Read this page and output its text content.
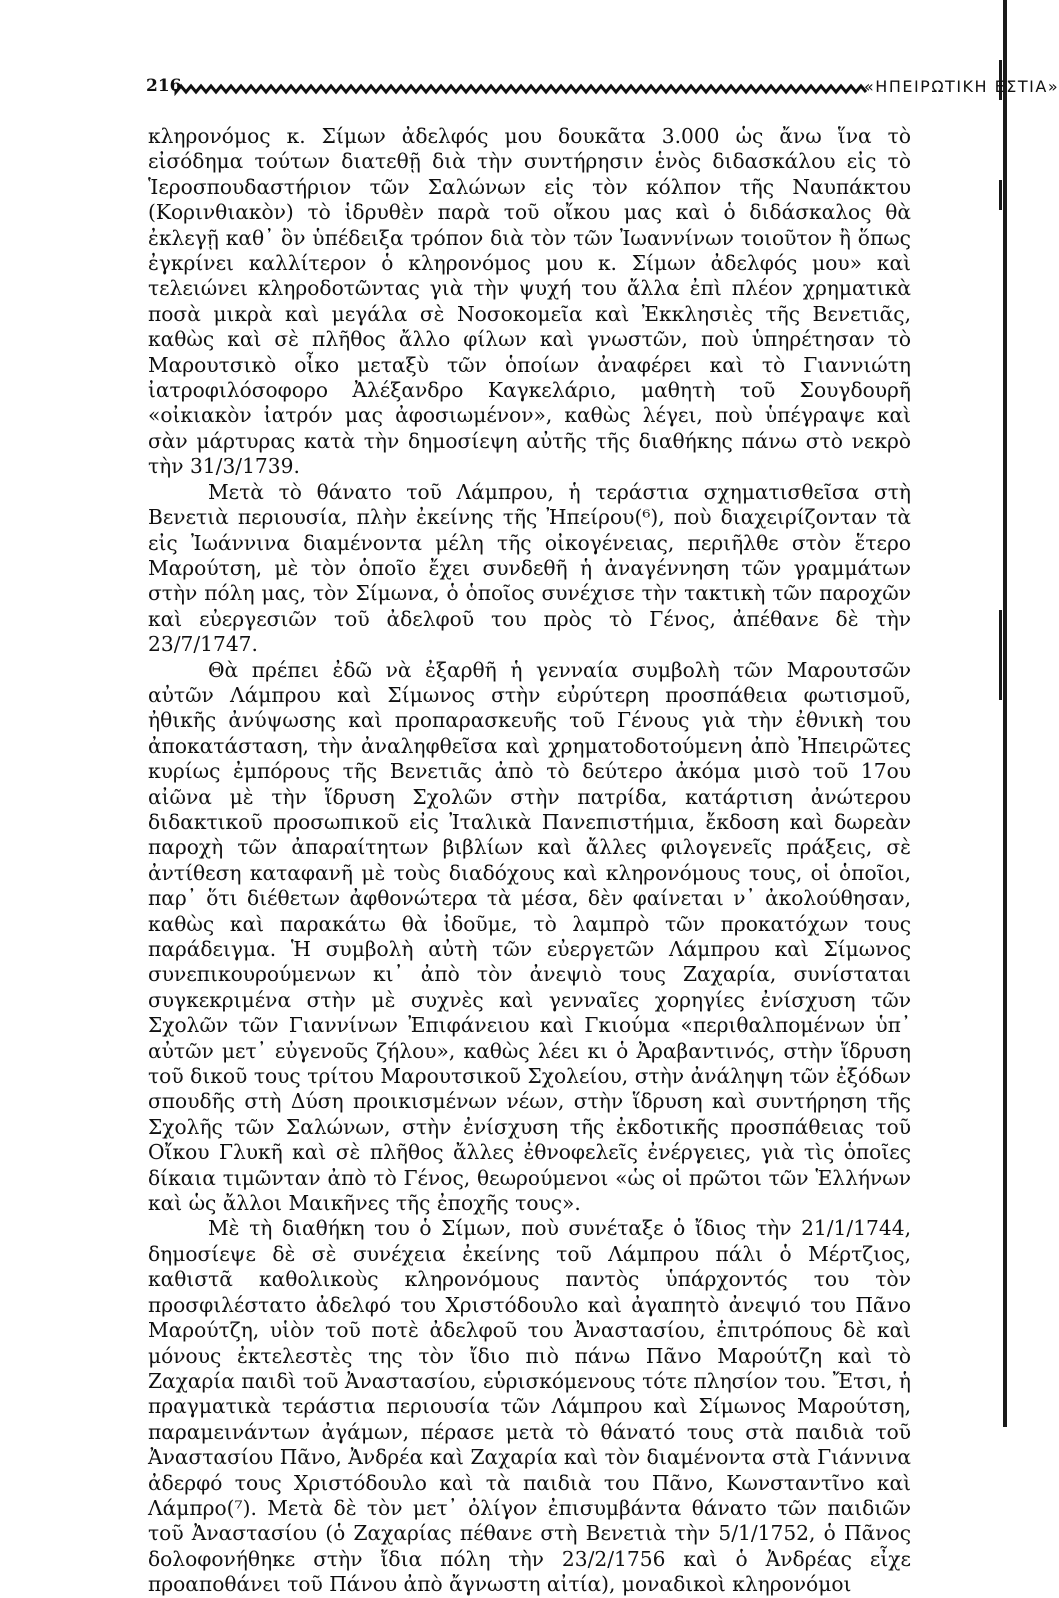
216	«ΗΠΕΙΡΩΤΙΚΗ ΕΣΤΙΑ»

κληρονόμος κ. Σίμων ἀδελφός μου δουκᾶτα 3.000 ὡς ἄνω ἵνα τὸ εἰσόδημα τούτων διατεθῇ διὰ τὴν συντήρησιν ἑνὸς διδασκάλου εἰς τὸ Ἱεροσπουδαστήριον τῶν Σαλώνων εἰς τὸν κόλπον τῆς Ναυπάκτου (Κορινθιακὸν) τὸ ἱδρυθὲν παρὰ τοῦ οἴκου μας καὶ ὁ διδάσκαλος θὰ ἐκλεγῇ καθ᾽ ὃν ὑπέδειξα τρόπον διὰ τὸν τῶν Ἰωαννίνων τοιοῦτον ἢ ὅπως ἐγκρίνει καλλίτερον ὁ κληρονόμος μου κ. Σίμων ἀδελφός μου» καὶ τελειώνει κληροδοτῶντας γιὰ τὴν ψυχή του ἄλλα ἐπὶ πλέον χρηματικὰ ποσὰ μικρὰ καὶ μεγάλα σὲ Νοσοκομεῖα καὶ Ἐκκλησιὲς τῆς Βενετιᾶς, καθὼς καὶ σὲ πλῆθος ἄλλο φίλων καὶ γνωστῶν, ποὺ ὑπηρέτησαν τὸ Μαρουτσικὸ οἶκο μεταξὺ τῶν ὁποίων ἀναφέρει καὶ τὸ Γιαννιώτη ἰατροφιλόσοφορο Ἀλέξανδρο Καγκελάριο, μαθητὴ τοῦ Σουγδουρῆ «οἰκιακὸν ἰατρόν μας ἀφοσιωμένον», καθὼς λέγει, ποὺ ὑπέγραψε καὶ σὰν μάρτυρας κατὰ τὴν δημοσίεψη αὐτῆς τῆς διαθήκης πάνω στὸ νεκρὸ τὴν 31/3/1739.

Μετὰ τὸ θάνατο τοῦ Λάμπρου, ἡ τεράστια σχηματισθεῖσα στὴ Βενετιὰ περιουσία, πλὴν ἐκείνης τῆς Ἠπείρου(⁶), ποὺ διαχειρίζονταν τὰ εἰς Ἰωάννινα διαμένοντα μέλη τῆς οἰκογένειας, περιῆλθε στὸν ἕτερο Μαρούτση, μὲ τὸν ὁποῖο ἔχει συνδεθῆ ἡ ἀναγέννηση τῶν γραμμάτων στὴν πόλη μας, τὸν Σίμωνα, ὁ ὁποῖος συνέχισε τὴν τακτικὴ τῶν παροχῶν καὶ εὐεργεσιῶν τοῦ ἀδελφοῦ του πρὸς τὸ Γένος, ἀπέθανε δὲ τὴν 23/7/1747.

Θὰ πρέπει ἐδῶ νὰ ἐξαρθῆ ἡ γενναία συμβολὴ τῶν Μαρουτσῶν αὐτῶν Λάμπρου καὶ Σίμωνος στὴν εὐρύτερη προσπάθεια φωτισμοῦ, ἠθικῆς ἀνύψωσης καὶ προπαρασκευῆς τοῦ Γένους γιὰ τὴν ἐθνικὴ του ἀποκατάσταση, τὴν ἀναληφθεῖσα καὶ χρηματοδοτούμενη ἀπὸ Ἠπειρῶτες κυρίως ἐμπόρους τῆς Βενετιᾶς ἀπὸ τὸ δεύτερο ἀκόμα μισὸ τοῦ 17ου αἰῶνα μὲ τὴν ἵδρυση Σχολῶν στὴν πατρίδα, κατάρτιση ἀνώτερου διδακτικοῦ προσωπικοῦ εἰς Ἰταλικὰ Πανεπιστήμια, ἔκδοση καὶ δωρεὰν παροχὴ τῶν ἀπαραίτητων βιβλίων καὶ ἄλλες φιλογενεῖς πράξεις, σὲ ἀντίθεση καταφανῆ μὲ τοὺς διαδόχους καὶ κληρονόμους τους, οἱ ὁποῖοι, παρ᾽ ὅτι διέθετων ἀφθονώτερα τὰ μέσα, δὲν φαίνεται ν᾽ ἀκολούθησαν, καθὼς καὶ παρακάτω θὰ ἰδοῦμε, τὸ λαμπρὸ τῶν προκατόχων τους παράδειγμα. Ἡ συμβολὴ αὐτὴ τῶν εὐεργετῶν Λάμπρου καὶ Σίμωνος συνεπικουρούμενων κι᾽ ἀπὸ τὸν ἀνεψιὸ τους Ζαχαρία, συνίσταται συγκεκριμένα στὴν μὲ συχνὲς καὶ γενναῖες χορηγίες ἐνίσχυση τῶν Σχολῶν τῶν Γιαννίνων Ἐπιφάνειου καὶ Γκιούμα «περιθαλπομένων ὑπ᾽ αὐτῶν μετ᾽ εὐγενοῦς ζήλου», καθὼς λέει κι ὁ Ἀραβαντινός, στὴν ἵδρυση τοῦ δικοῦ τους τρίτου Μαρουτσικοῦ Σχολείου, στὴν ἀνάληψη τῶν ἐξόδων σπουδῆς στὴ Δύση προικισμένων νέων, στὴν ἵδρυση καὶ συντήρηση τῆς Σχολῆς τῶν Σαλώνων, στὴν ἐνίσχυση τῆς ἐκδοτικῆς προσπάθειας τοῦ Οἴκου Γλυκῆ καὶ σὲ πλῆθος ἄλλες ἐθνοφελεῖς ἐνέργειες, γιὰ τὶς ὁποῖες δίκαια τιμῶνταν ἀπὸ τὸ Γένος, θεωρούμενοι «ὡς οἱ πρῶτοι τῶν Ἑλλήνων καὶ ὡς ἄλλοι Μαικῆνες τῆς ἐποχῆς τους».

Μὲ τὴ διαθήκη του ὁ Σίμων, ποὺ συνέταξε ὁ ἴδιος τὴν 21/1/1744, δημοσίεψε δὲ σὲ συνέχεια ἐκείνης τοῦ Λάμπρου πάλι ὁ Μέρτζιος, καθιστᾶ καθολικοὺς κληρονόμους παντὸς ὑπάρχοντός του τὸν προσφιλέστατο ἀδελφό του Χριστόδουλο καὶ ἀγαπητὸ ἀνεψιό του Πᾶνο Μαρούτζη, υἱὸν τοῦ ποτὲ ἀδελφοῦ του Ἀναστασίου, ἐπιτρόπους δὲ καὶ μόνους ἐκτελεστὲς της τὸν ἴδιο πιὸ πάνω Πᾶνο Μαρούτζη καὶ τὸ Ζαχαρία παιδὶ τοῦ Ἀναστασίου, εὑρισκόμενους τότε πλησίον του. Ἔτσι, ἡ πραγματικὰ τεράστια περιουσία τῶν Λάμπρου καὶ Σίμωνος Μαρούτση, παραμεινάντων ἀγάμων, πέρασε μετὰ τὸ θάνατό τους στὰ παιδιὰ τοῦ Ἀναστασίου Πᾶνο, Ἀνδρέα καὶ Ζαχαρία καὶ τὸν διαμένοντα στὰ Γιάννινα ἀδερφό τους Χριστόδουλο καὶ τὰ παιδιὰ του Πᾶνο, Κωνσταντῖνο καὶ Λάμπρο(⁷). Μετὰ δὲ τὸν μετ᾽ ὀλίγον ἐπισυμβάντα θάνατο τῶν παιδιῶν τοῦ Ἀναστασίου (ὁ Ζαχαρίας πέθανε στὴ Βενετιὰ τὴν 5/1/1752, ὁ Πᾶνος δολοφονήθηκε στὴν ἴδια πόλη τὴν 23/2/1756 καὶ ὁ Ἀνδρέας εἶχε προαποθάνει τοῦ Πάνου ἀπὸ ἄγνωστη αἰτία), μοναδικοὶ κληρονόμοι
